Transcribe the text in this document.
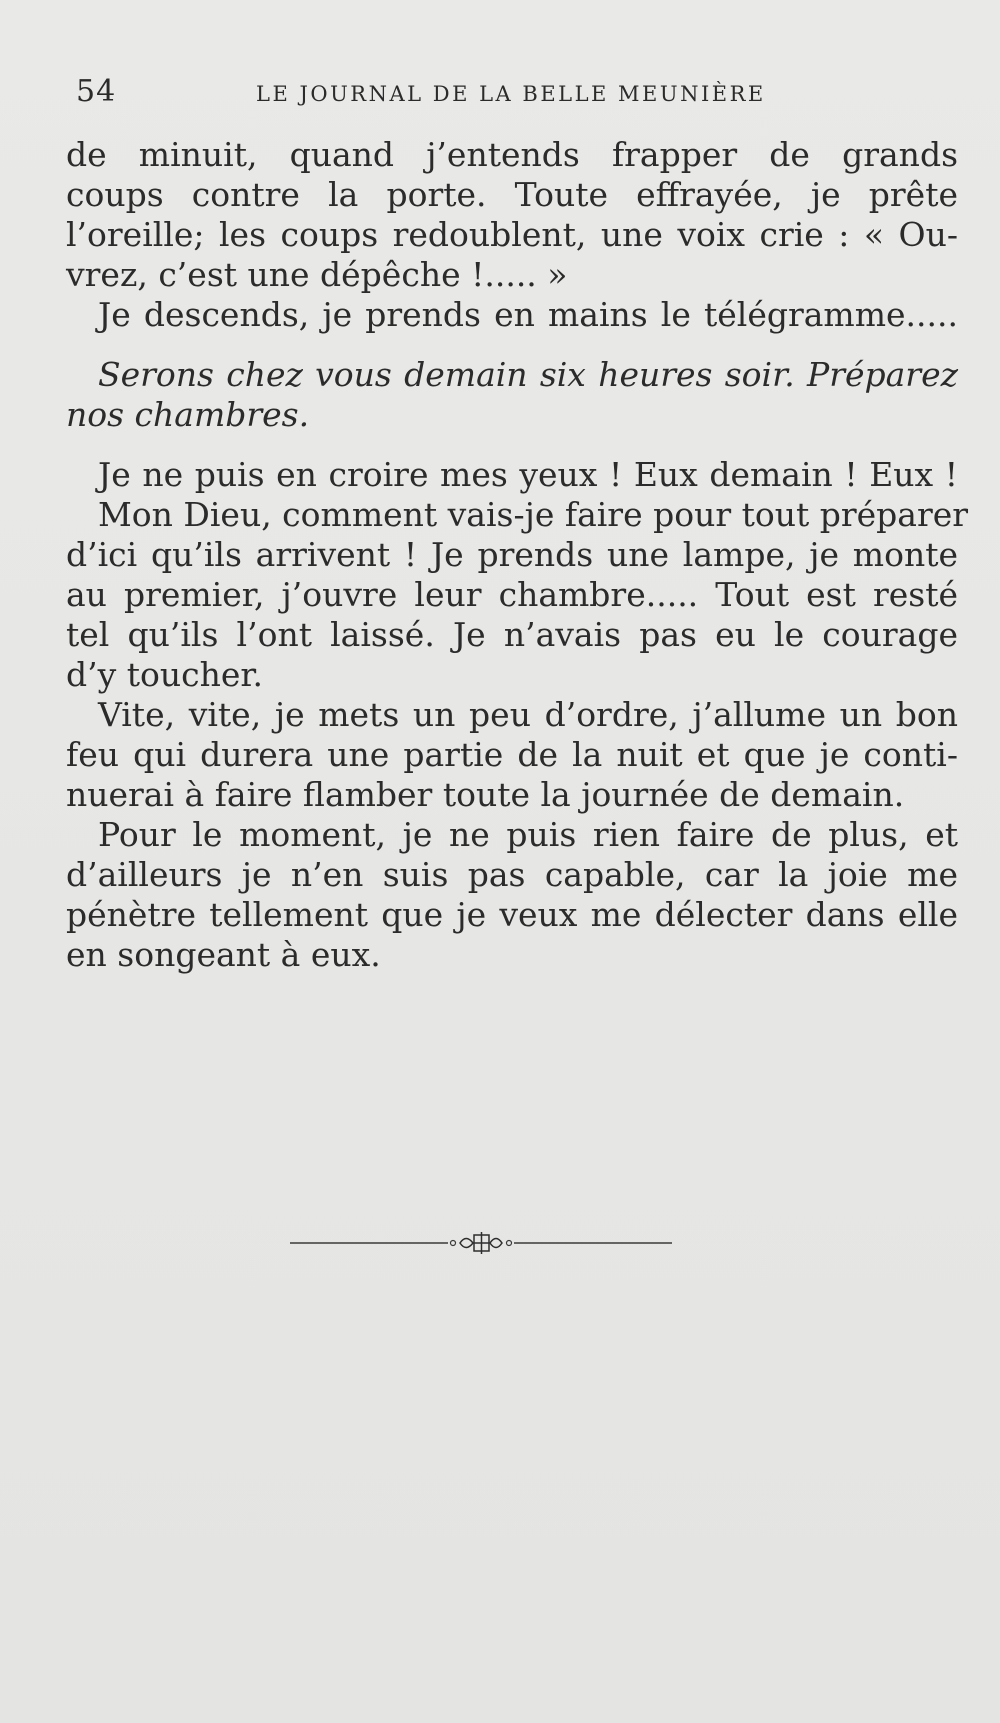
54	LE JOURNAL DE LA BELLE MEUNIÈRE
de minuit, quand j’entends frapper de grands
coups contre la porte. Toute effrayée, je prête
l’oreille; les coups redoublent, une voix crie : « Ou-
vrez, c’est une dépêche !..... »
Je descends, je prends en mains le télégramme.....
Serons chez vous demain six heures soir. Préparez
nos chambres.
Je ne puis en croire mes yeux ! Eux demain ! Eux !
Mon Dieu, comment vais-je faire pour tout préparer
d’ici qu’ils arrivent ! Je prends une lampe, je monte
au premier, j’ouvre leur chambre..... Tout est resté
tel qu’ils l’ont laissé. Je n’avais pas eu le courage
d’y toucher.
Vite, vite, je mets un peu d’ordre, j’allume un bon
feu qui durera une partie de la nuit et que je conti-
nuerai à faire flamber toute la journée de demain.
Pour le moment, je ne puis rien faire de plus, et
d’ailleurs je n’en suis pas capable, car la joie me
pénètre tellement que je veux me délecter dans elle
en songeant à eux.
